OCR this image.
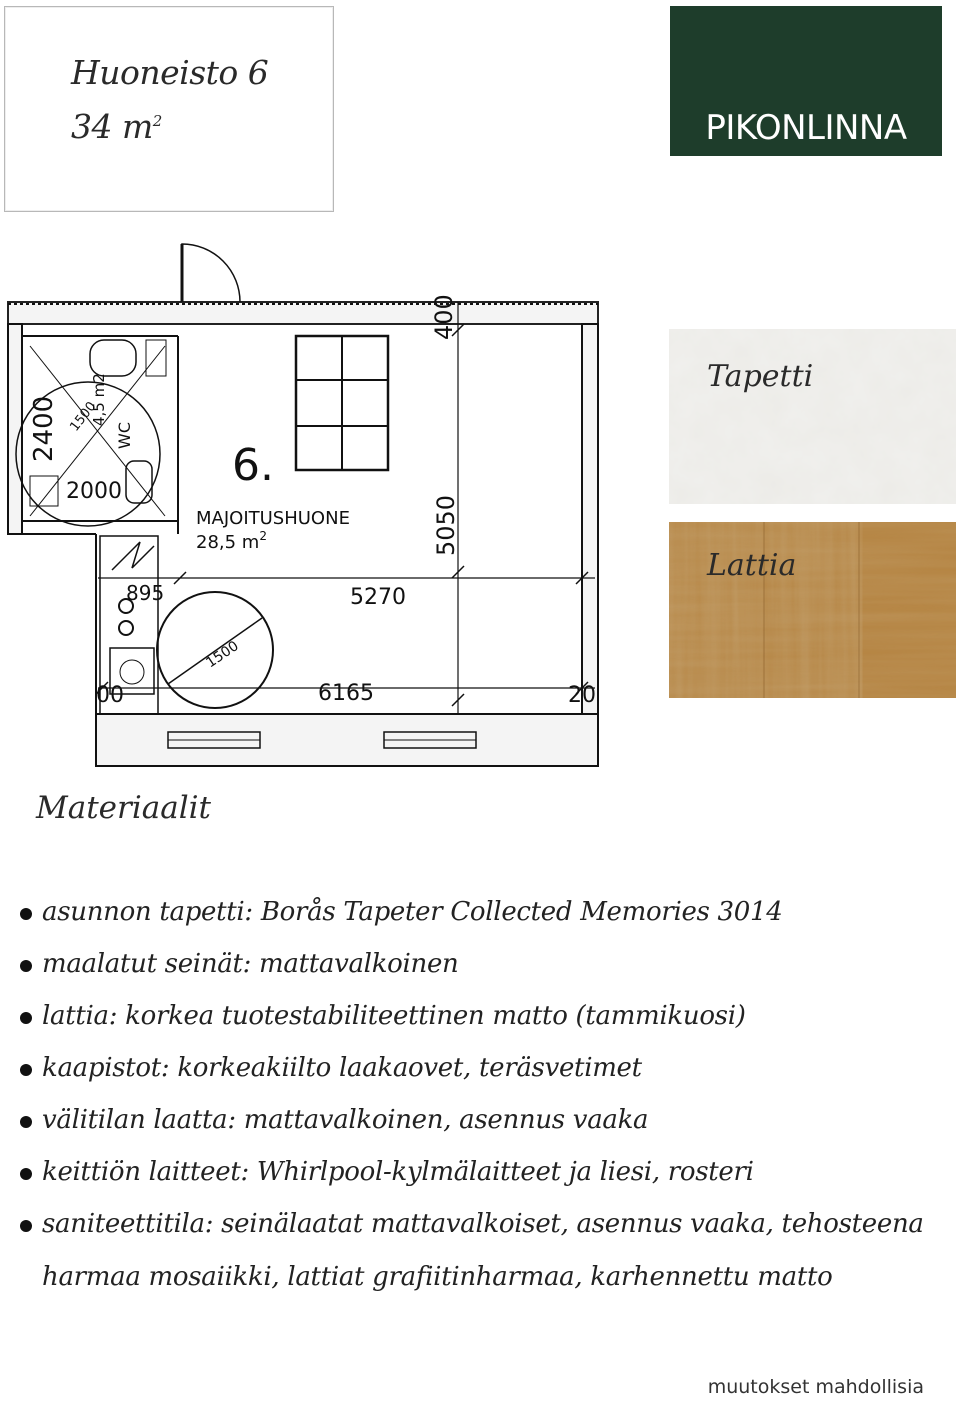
Huoneisto 6
34 $m^2$	PIKONLINNA
6.
MAJOITUSHUONE
28,5 $m^2$
5270
6165
5050
400
2400
2000
895
WC
4,5 m2
1500
1500
00	20
Tapetti
Lattia
Materiaalit
asunnon tapetti: Borås Tapeter Collected Memories 3014
maalatut seinät: mattavalkoinen
lattia: korkea tuotestabiliteettinen matto (tammikuosi)
kaapistot: korkeakiilto laakaovet, teräsvetimet
välitilan laatta: mattavalkoinen, asennus vaaka
keittiön laitteet: Whirlpool-kylmälaitteet ja liesi, rosteri
saniteettitila: seinälaatat mattavalkoiset, asennus vaaka, tehosteena harmaa mosaiikki, lattiat grafiitinharmaa, karhennettu matto
muutokset mahdollisia
